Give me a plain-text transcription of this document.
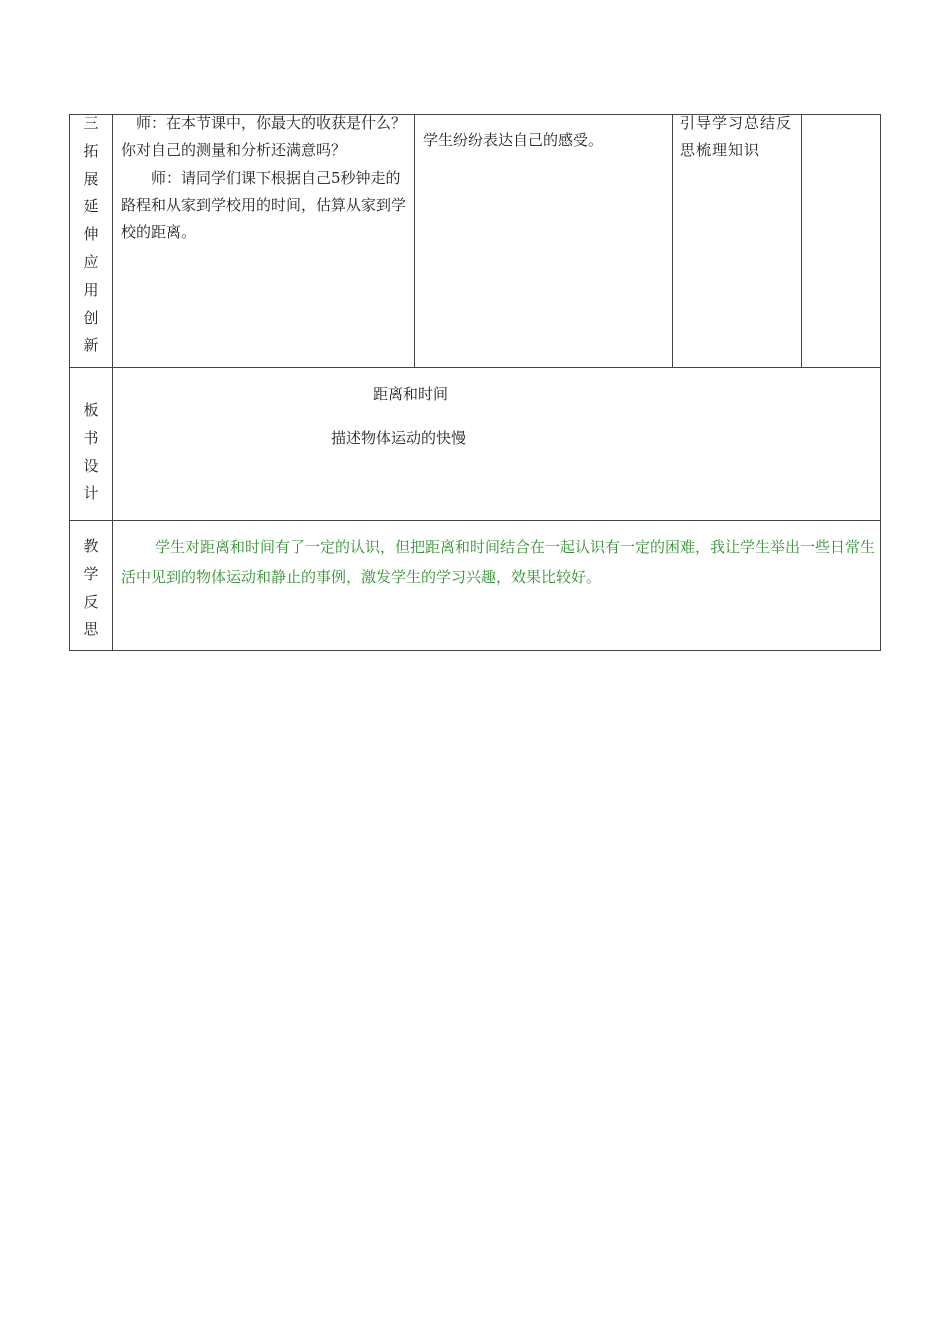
三
拓
展
延
伸
应
用
创
新
师：在本节课中，你最大的收获是什么？你对自己的测量和分析还满意吗？
师：请同学们课下根据自己5秒钟走的路程和从家到学校用的时间，估算从家到学校的距离。
学生纷纷表达自己的感受。
引导学习总结反思梳理知识
板
书
设
计
距离和时间
描述物体运动的快慢
教
学
反
思
学生对距离和时间有了一定的认识，但把距离和时间结合在一起认识有一定的困难，我让学生举出一些日常生活中见到的物体运动和静止的事例，激发学生的学习兴趣，效果比较好。
